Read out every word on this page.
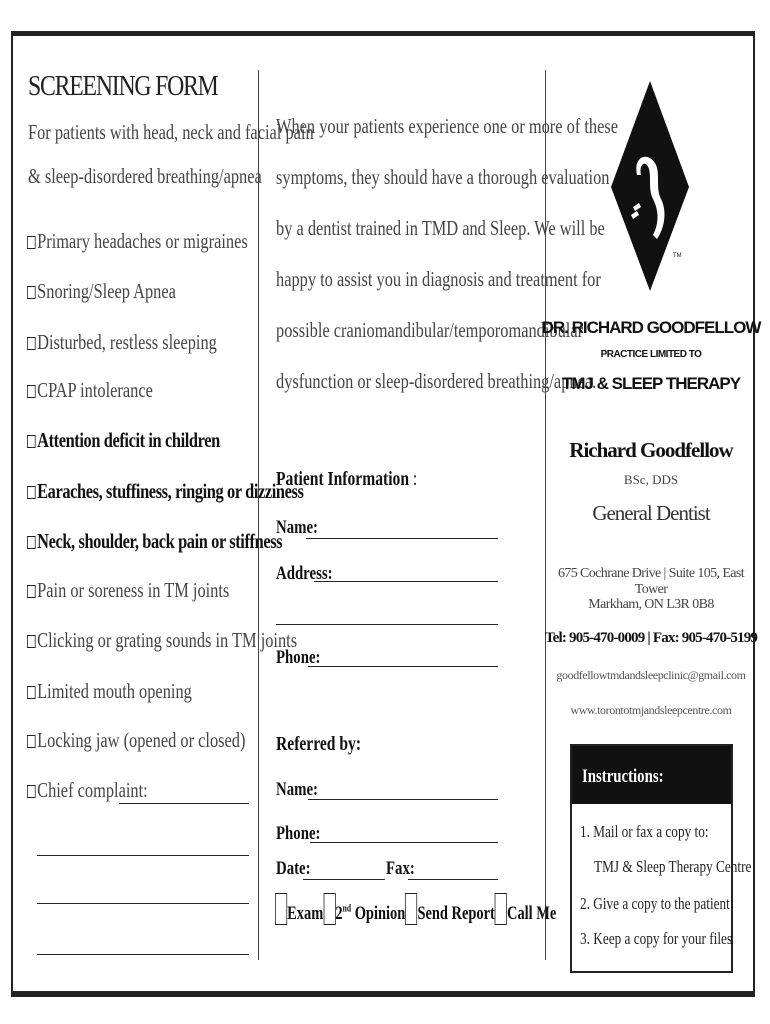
SCREENING FORM
For patients with head, neck and facial pain
& sleep-disordered breathing/apnea
Primary headaches or migraines
Snoring/Sleep Apnea
Disturbed, restless sleeping
CPAP intolerance
Attention deficit in children
Earaches, stuffiness, ringing or dizziness
Neck, shoulder, back pain or stiffness
Pain or soreness in TM joints
Clicking or grating sounds in TM joints
Limited mouth opening
Locking jaw (opened or closed)
Chief complaint:
When your patients experience one or more of these
symptoms, they should have a thorough evaluation
by a dentist trained in TMD and Sleep. We will be
happy to assist you in diagnosis and treatment for
possible craniomandibular/temporomandibular
dysfunction or sleep-disordered breathing/apnea.
Patient Information :
Name:
Address:
Phone:
Referred by:
Name:
Phone:
Date:	Fax:
Exam 2nd Opinion Send Report Call Me
TM
DR. RICHARD GOODFELLOW
PRACTICE LIMITED TO
TMJ & SLEEP THERAPY
Richard Goodfellow
BSc, DDS
General Dentist
675 Cochrane Drive | Suite 105, East Tower
Markham, ON L3R 0B8
Tel: 905-470-0009 | Fax: 905-470-5199
goodfellowtmdandsleepclinic@gmail.com
www.torontotmjandsleepcentre.com
Instructions:
1. Mail or fax a copy to:
TMJ & Sleep Therapy Centre
2. Give a copy to the patient
3. Keep a copy for your files
